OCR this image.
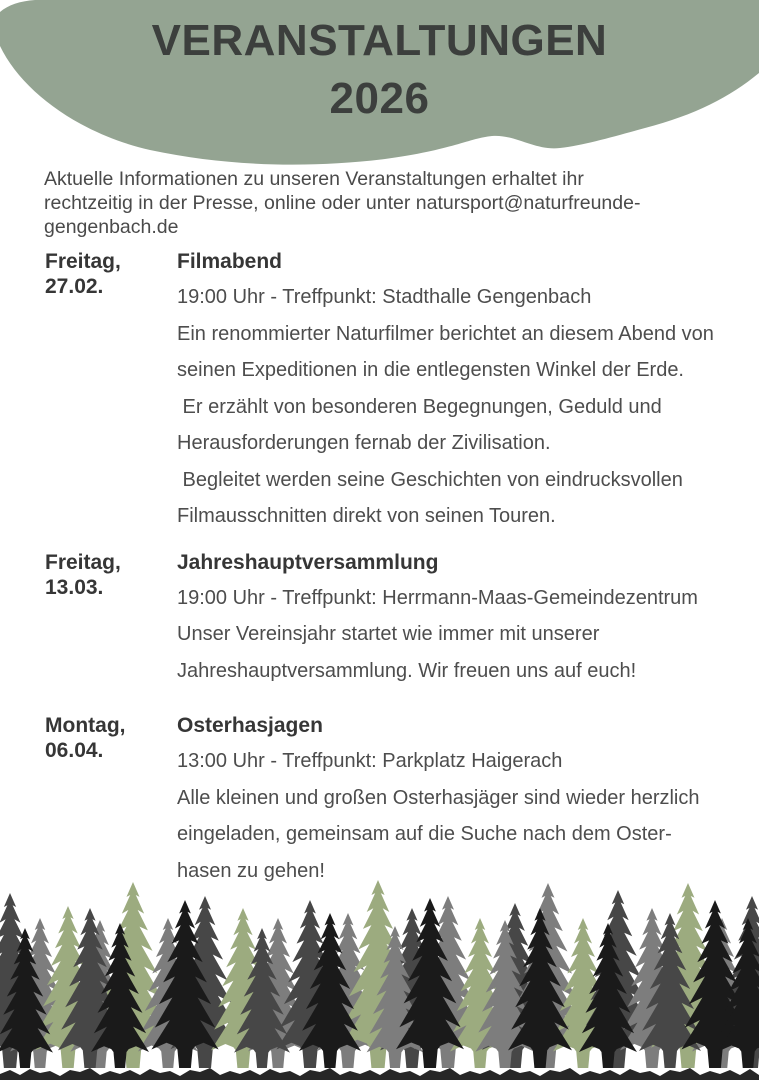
VERANSTALTUNGEN
2026
Aktuelle Informationen zu unseren Veranstaltungen erhaltet ihr
rechtzeitig in der Presse, online oder unter natursport@naturfreunde-
gengenbach.de
Freitag,
27.02.
Filmabend
19:00 Uhr - Treffpunkt: Stadthalle Gengenbach
Ein renommierter Naturfilmer berichtet an diesem Abend von
seinen Expeditionen in die entlegensten Winkel der Erde.
Er erzählt von besonderen Begegnungen, Geduld und
Herausforderungen fernab der Zivilisation.
Begleitet werden seine Geschichten von eindrucksvollen
Filmausschnitten direkt von seinen Touren.
Freitag,
13.03.
Jahreshauptversammlung
19:00 Uhr - Treffpunkt: Herrmann-Maas-Gemeindezentrum
Unser Vereinsjahr startet wie immer mit unserer
Jahreshauptversammlung. Wir freuen uns auf euch!
Montag,
06.04.
Osterhasjagen
13:00 Uhr - Treffpunkt: Parkplatz Haigerach
Alle kleinen und großen Osterhasjäger sind wieder herzlich
eingeladen, gemeinsam auf die Suche nach dem Oster-
hasen zu gehen!
